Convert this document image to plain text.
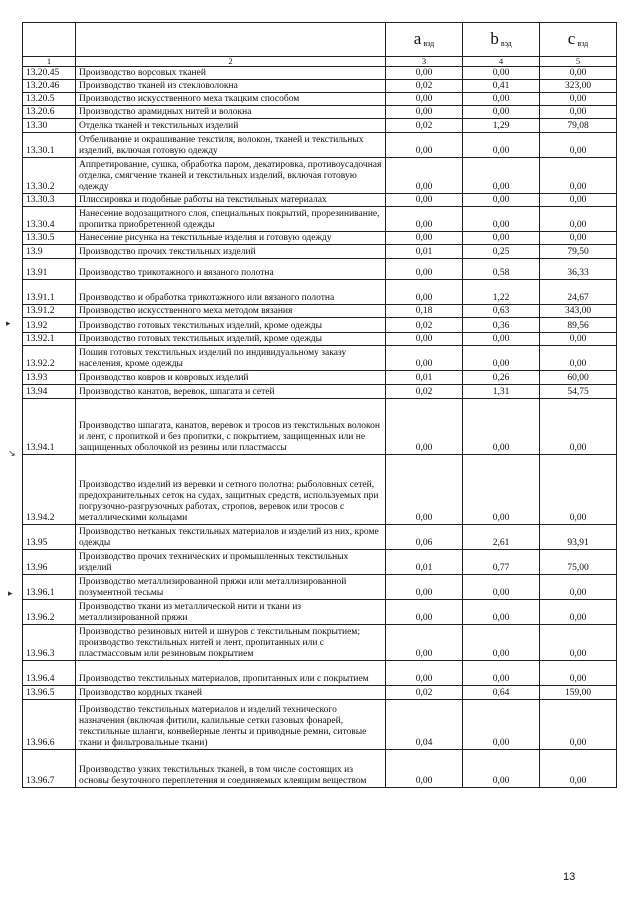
		a $_{вэд}$	b $_{вэд}$	c $_{вэд}$
1	2	3	4	5
13.20.45	Производство ворсовых тканей	0,00	0,00	0,00
13.20.46	Производство тканей из стекловолокна	0,02	0,41	323,00
13.20.5	Производство искусственного меха ткацким способом	0,00	0,00	0,00
13.20.6	Производство арамидных нитей и волокна	0,00	0,00	0,00
13.30	Отделка тканей и текстильных изделий	0,02	1,29	79,08
13.30.1	Отбеливание и окрашивание текстиля, волокон, тканей и текстильных изделий, включая готовую одежду	0,00	0,00	0,00
13.30.2	Аппретирование, сушка, обработка паром, декатировка, противоусадочная отделка, смягчение тканей и текстильных изделий, включая готовую одежду	0,00	0,00	0,00
13.30.3	Плиссировка и подобные работы на текстильных материалах	0,00	0,00	0,00
13.30.4	Нанесение водозащитного слоя, специальных покрытий, прорезинивание, пропитка приобретенной одежды	0,00	0,00	0,00
13.30.5	Нанесение рисунка на текстильные изделия и готовую одежду	0,00	0,00	0,00
13.9	Производство прочих текстильных изделий	0,01	0,25	79,50
13.91	Производство трикотажного и вязаного полотна	0,00	0,58	36,33
13.91.1	Производство и обработка трикотажного или вязаного полотна	0,00	1,22	24,67
13.91.2	Производство искусственного меха методом вязания	0,18	0,63	343,00
13.92	Производство готовых текстильных изделий, кроме одежды	0,02	0,36	89,56
13.92.1	Производство готовых текстильных изделий, кроме одежды	0,00	0,00	0,00
13.92.2	Пошив готовых текстильных изделий по индивидуальному заказу населения, кроме одежды	0,00	0,00	0,00
13.93	Производство ковров и ковровых изделий	0,01	0,26	60,00
13.94	Производство канатов, веревок, шпагата и сетей	0,02	1,31	54,75
13.94.1	Производство шпагата, канатов, веревок и тросов из текстильных волокон и лент, с пропиткой и без пропитки, с покрытием, защищенных или не защищенных оболочкой из резины или пластмассы	0,00	0,00	0,00
13.94.2	Производство изделий из веревки и сетного полотна: рыболовных сетей, предохранительных сеток на судах, защитных средств, используемых при погрузочно-разгрузочных работах, стропов, веревок или тросов с металлическими кольцами	0,00	0,00	0,00
13.95	Производство нетканых текстильных материалов и изделий из них, кроме одежды	0,06	2,61	93,91
13.96	Производство прочих технических и промышленных текстильных изделий	0,01	0,77	75,00
13.96.1	Производство металлизированной пряжи или металлизированной позументной тесьмы	0,00	0,00	0,00
13.96.2	Производство ткани из металлической нити и ткани из металлизированной пряжи	0,00	0,00	0,00
13.96.3	Производство резиновых нитей и шнуров с текстильным покрытием; производство текстильных нитей и лент, пропитанных или с пластмассовым или резиновым покрытием	0,00	0,00	0,00
13.96.4	Производство текстильных материалов, пропитанных или с покрытием	0,00	0,00	0,00
13.96.5	Производство кордных тканей	0,02	0,64	159,00
13.96.6	Производство текстильных материалов и изделий технического назначения (включая фитили, калильные сетки газовых фонарей, текстильные шланги, конвейерные ленты и приводные ремни, ситовые ткани и фильтровальные ткани)	0,04	0,00	0,00
13.96.7	Производство узких текстильных тканей, в том числе состоящих из основы безуточного переплетения и соединяемых клеящим веществом	0,00	0,00	0,00
▸
↘
▸
13
